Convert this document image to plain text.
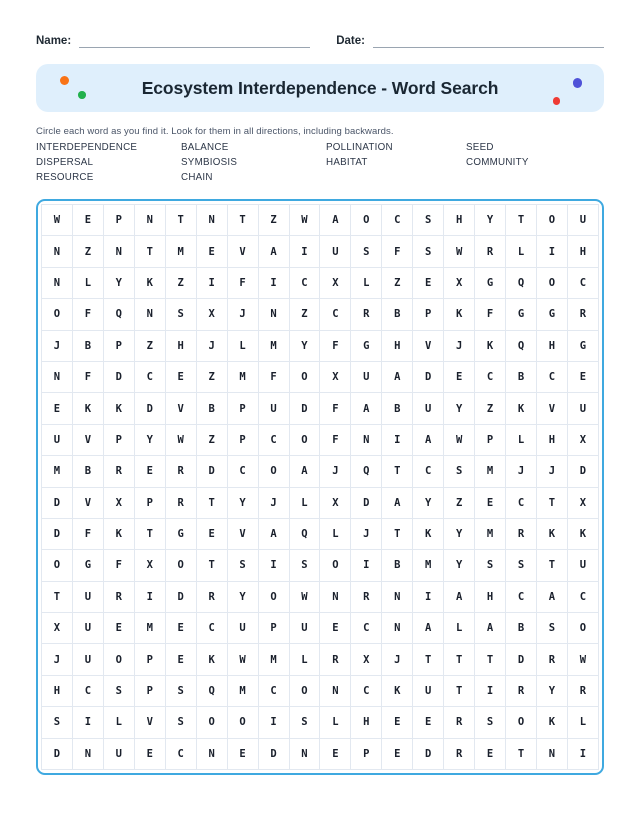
Name:	Date:
Ecosystem Interdependence - Word Search
Circle each word as you find it. Look for them in all directions, including backwards.
INTERDEPENDENCE	BALANCE	POLLINATION	SEED
DISPERSAL	SYMBIOSIS	HABITAT	COMMUNITY
RESOURCE	CHAIN
W	E	P	N	T	N	T	Z	W	A	O	C	S	H	Y	T	O	U
N	Z	N	T	M	E	V	A	I	U	S	F	S	W	R	L	I	H
N	L	Y	K	Z	I	F	I	C	X	L	Z	E	X	G	Q	O	C
O	F	Q	N	S	X	J	N	Z	C	R	B	P	K	F	G	G	R
J	B	P	Z	H	J	L	M	Y	F	G	H	V	J	K	Q	H	G
N	F	D	C	E	Z	M	F	O	X	U	A	D	E	C	B	C	E
E	K	K	D	V	B	P	U	D	F	A	B	U	Y	Z	K	V	U
U	V	P	Y	W	Z	P	C	O	F	N	I	A	W	P	L	H	X
M	B	R	E	R	D	C	O	A	J	Q	T	C	S	M	J	J	D
D	V	X	P	R	T	Y	J	L	X	D	A	Y	Z	E	C	T	X
D	F	K	T	G	E	V	A	Q	L	J	T	K	Y	M	R	K	K
O	G	F	X	O	T	S	I	S	O	I	B	M	Y	S	S	T	U
T	U	R	I	D	R	Y	O	W	N	R	N	I	A	H	C	A	C
X	U	E	M	E	C	U	P	U	E	C	N	A	L	A	B	S	O
J	U	O	P	E	K	W	M	L	R	X	J	T	T	T	D	R	W
H	C	S	P	S	Q	M	C	O	N	C	K	U	T	I	R	Y	R
S	I	L	V	S	O	O	I	S	L	H	E	E	R	S	O	K	L
D	N	U	E	C	N	E	D	N	E	P	E	D	R	E	T	N	I
